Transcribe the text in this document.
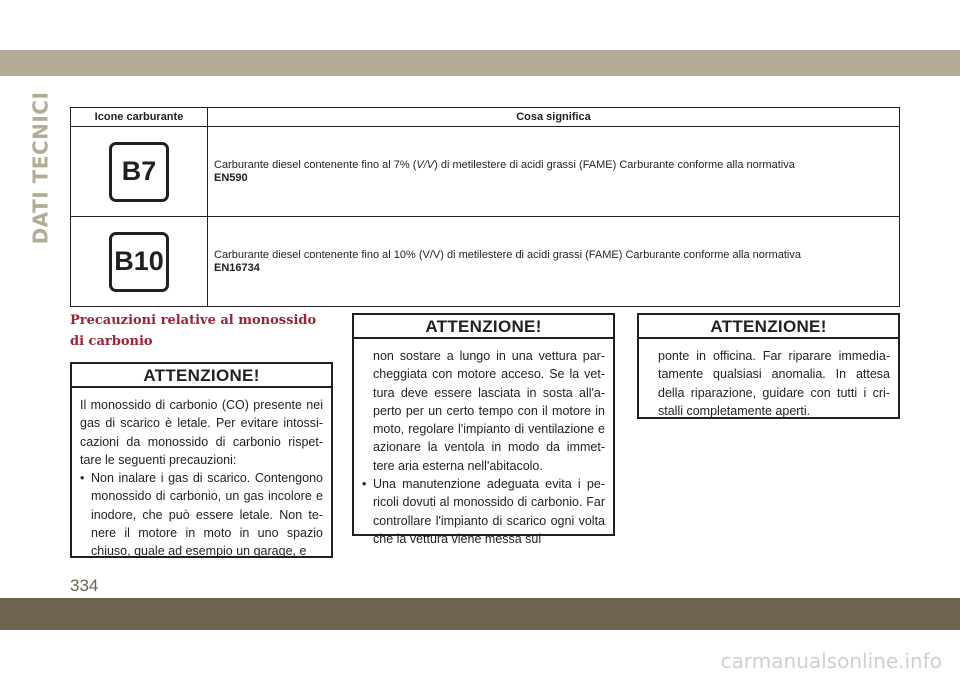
DATI TECNICI	Icone carburante	Cosa significa
B7	Carburante diesel contenente fino al 7% (V/V) di metilestere di acidi grassi (FAME) Carburante conforme alla normativa
EN590
B10	Carburante diesel contenente fino al 10% (V/V) di metilestere di acidi grassi (FAME) Carburante conforme alla normativa
EN16734
Precauzioni relative al monossido di carbonio
ATTENZIONE!

Il monossido di carbonio (CO) presente nei gas di scarico è letale. Per evitare intossi-cazioni da monossido di carbonio rispet-tare le seguenti precauzioni:

• Non inalare i gas di scarico. Contengono monossido di carbonio, un gas incolore e inodore, che può essere letale. Non te-nere il motore in moto in uno spazio chiuso, quale ad esempio un garage, e
ATTENZIONE!

non sostare a lungo in una vettura par-cheggiata con motore acceso. Se la vet-tura deve essere lasciata in sosta all'a-perto per un certo tempo con il motore in moto, regolare l'impianto di ventilazione e azionare la ventola in modo da immet-tere aria esterna nell'abitacolo.

• Una manutenzione adeguata evita i pe-ricoli dovuti al monossido di carbonio. Far controllare l'impianto di scarico ogni volta che la vettura viene messa sul
ATTENZIONE!

ponte in officina. Far riparare immedia-tamente qualsiasi anomalia. In attesa della riparazione, guidare con tutti i cri-stalli completamente aperti.

334
carmanualsonline.info
